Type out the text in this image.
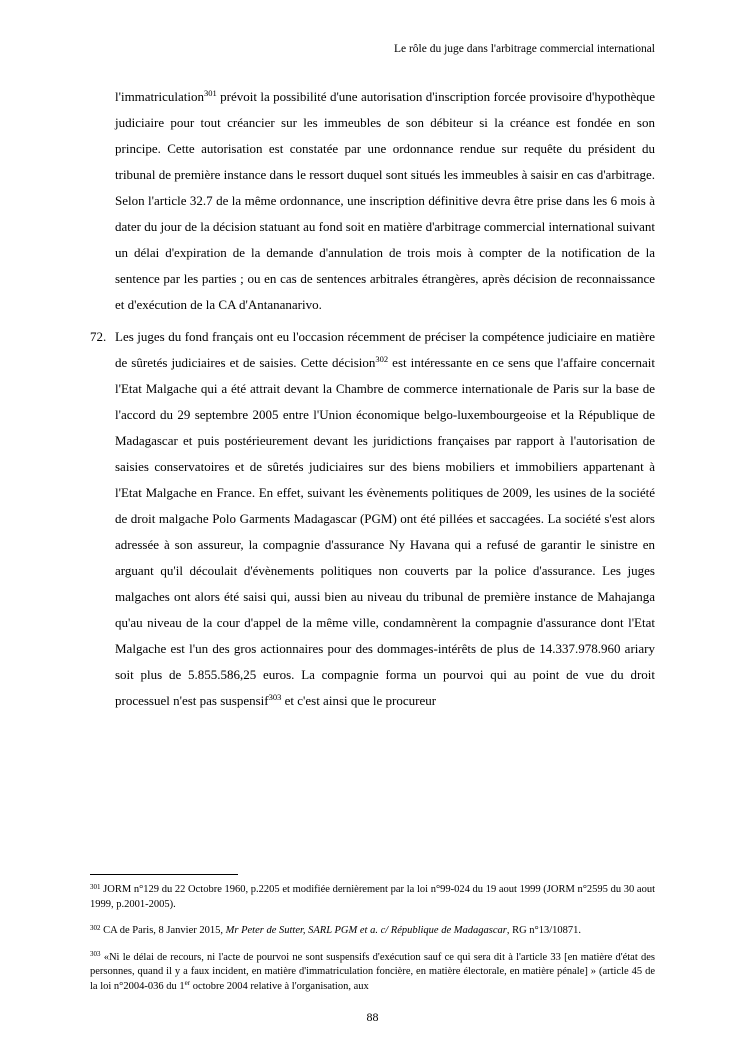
Le rôle du juge dans l'arbitrage commercial international

l'immatriculation$^{301}$ prévoit la possibilité d'une autorisation d'inscription forcée provisoire d'hypothèque judiciaire pour tout créancier sur les immeubles de son débiteur si la créance est fondée en son principe. Cette autorisation est constatée par une ordonnance rendue sur requête du président du tribunal de première instance dans le ressort duquel sont situés les immeubles à saisir en cas d'arbitrage. Selon l'article 32.7 de la même ordonnance, une inscription définitive devra être prise dans les 6 mois à dater du jour de la décision statuant au fond soit en matière d'arbitrage commercial international suivant un délai d'expiration de la demande d'annulation de trois mois à compter de la notification de la sentence par les parties ; ou en cas de sentences arbitrales étrangères, après décision de reconnaissance et d'exécution de la CA d'Antananarivo.

72. Les juges du fond français ont eu l'occasion récemment de préciser la compétence judiciaire en matière de sûretés judiciaires et de saisies. Cette décision$^{302}$ est intéressante en ce sens que l'affaire concernait l'Etat Malgache qui a été attrait devant la Chambre de commerce internationale de Paris sur la base de l'accord du 29 septembre 2005 entre l'Union économique belgo-luxembourgeoise et la République de Madagascar et puis postérieurement devant les juridictions françaises par rapport à l'autorisation de saisies conservatoires et de sûretés judiciaires sur des biens mobiliers et immobiliers appartenant à l'Etat Malgache en France. En effet, suivant les évènements politiques de 2009, les usines de la société de droit malgache Polo Garments Madagascar (PGM) ont été pillées et saccagées. La société s'est alors adressée à son assureur, la compagnie d'assurance Ny Havana qui a refusé de garantir le sinistre en arguant qu'il découlait d'évènements politiques non couverts par la police d'assurance. Les juges malgaches ont alors été saisi qui, aussi bien au niveau du tribunal de première instance de Mahajanga qu'au niveau de la cour d'appel de la même ville, condamnèrent la compagnie d'assurance dont l'Etat Malgache est l'un des gros actionnaires pour des dommages-intérêts de plus de 14.337.978.960 ariary soit plus de 5.855.586,25 euros. La compagnie forma un pourvoi qui au point de vue du droit processuel n'est pas suspensif$^{303}$ et c'est ainsi que le procureur

$^{301}$ JORM n°129 du 22 Octobre 1960, p.2205 et modifiée dernièrement par la loi n°99-024 du 19 aout 1999 (JORM n°2595 du 30 aout 1999, p.2001-2005).

$^{302}$ CA de Paris, 8 Janvier 2015, Mr Peter de Sutter, SARL PGM et a. c/ République de Madagascar, RG n°13/10871.

$^{303}$ «Ni le délai de recours, ni l'acte de pourvoi ne sont suspensifs d'exécution sauf ce qui sera dit à l'article 33 [en matière d'état des personnes, quand il y a faux incident, en matière d'immatriculation foncière, en matière électorale, en matière pénale] » (article 45 de la loi n°2004-036 du 1er octobre 2004 relative à l'organisation, aux

88
